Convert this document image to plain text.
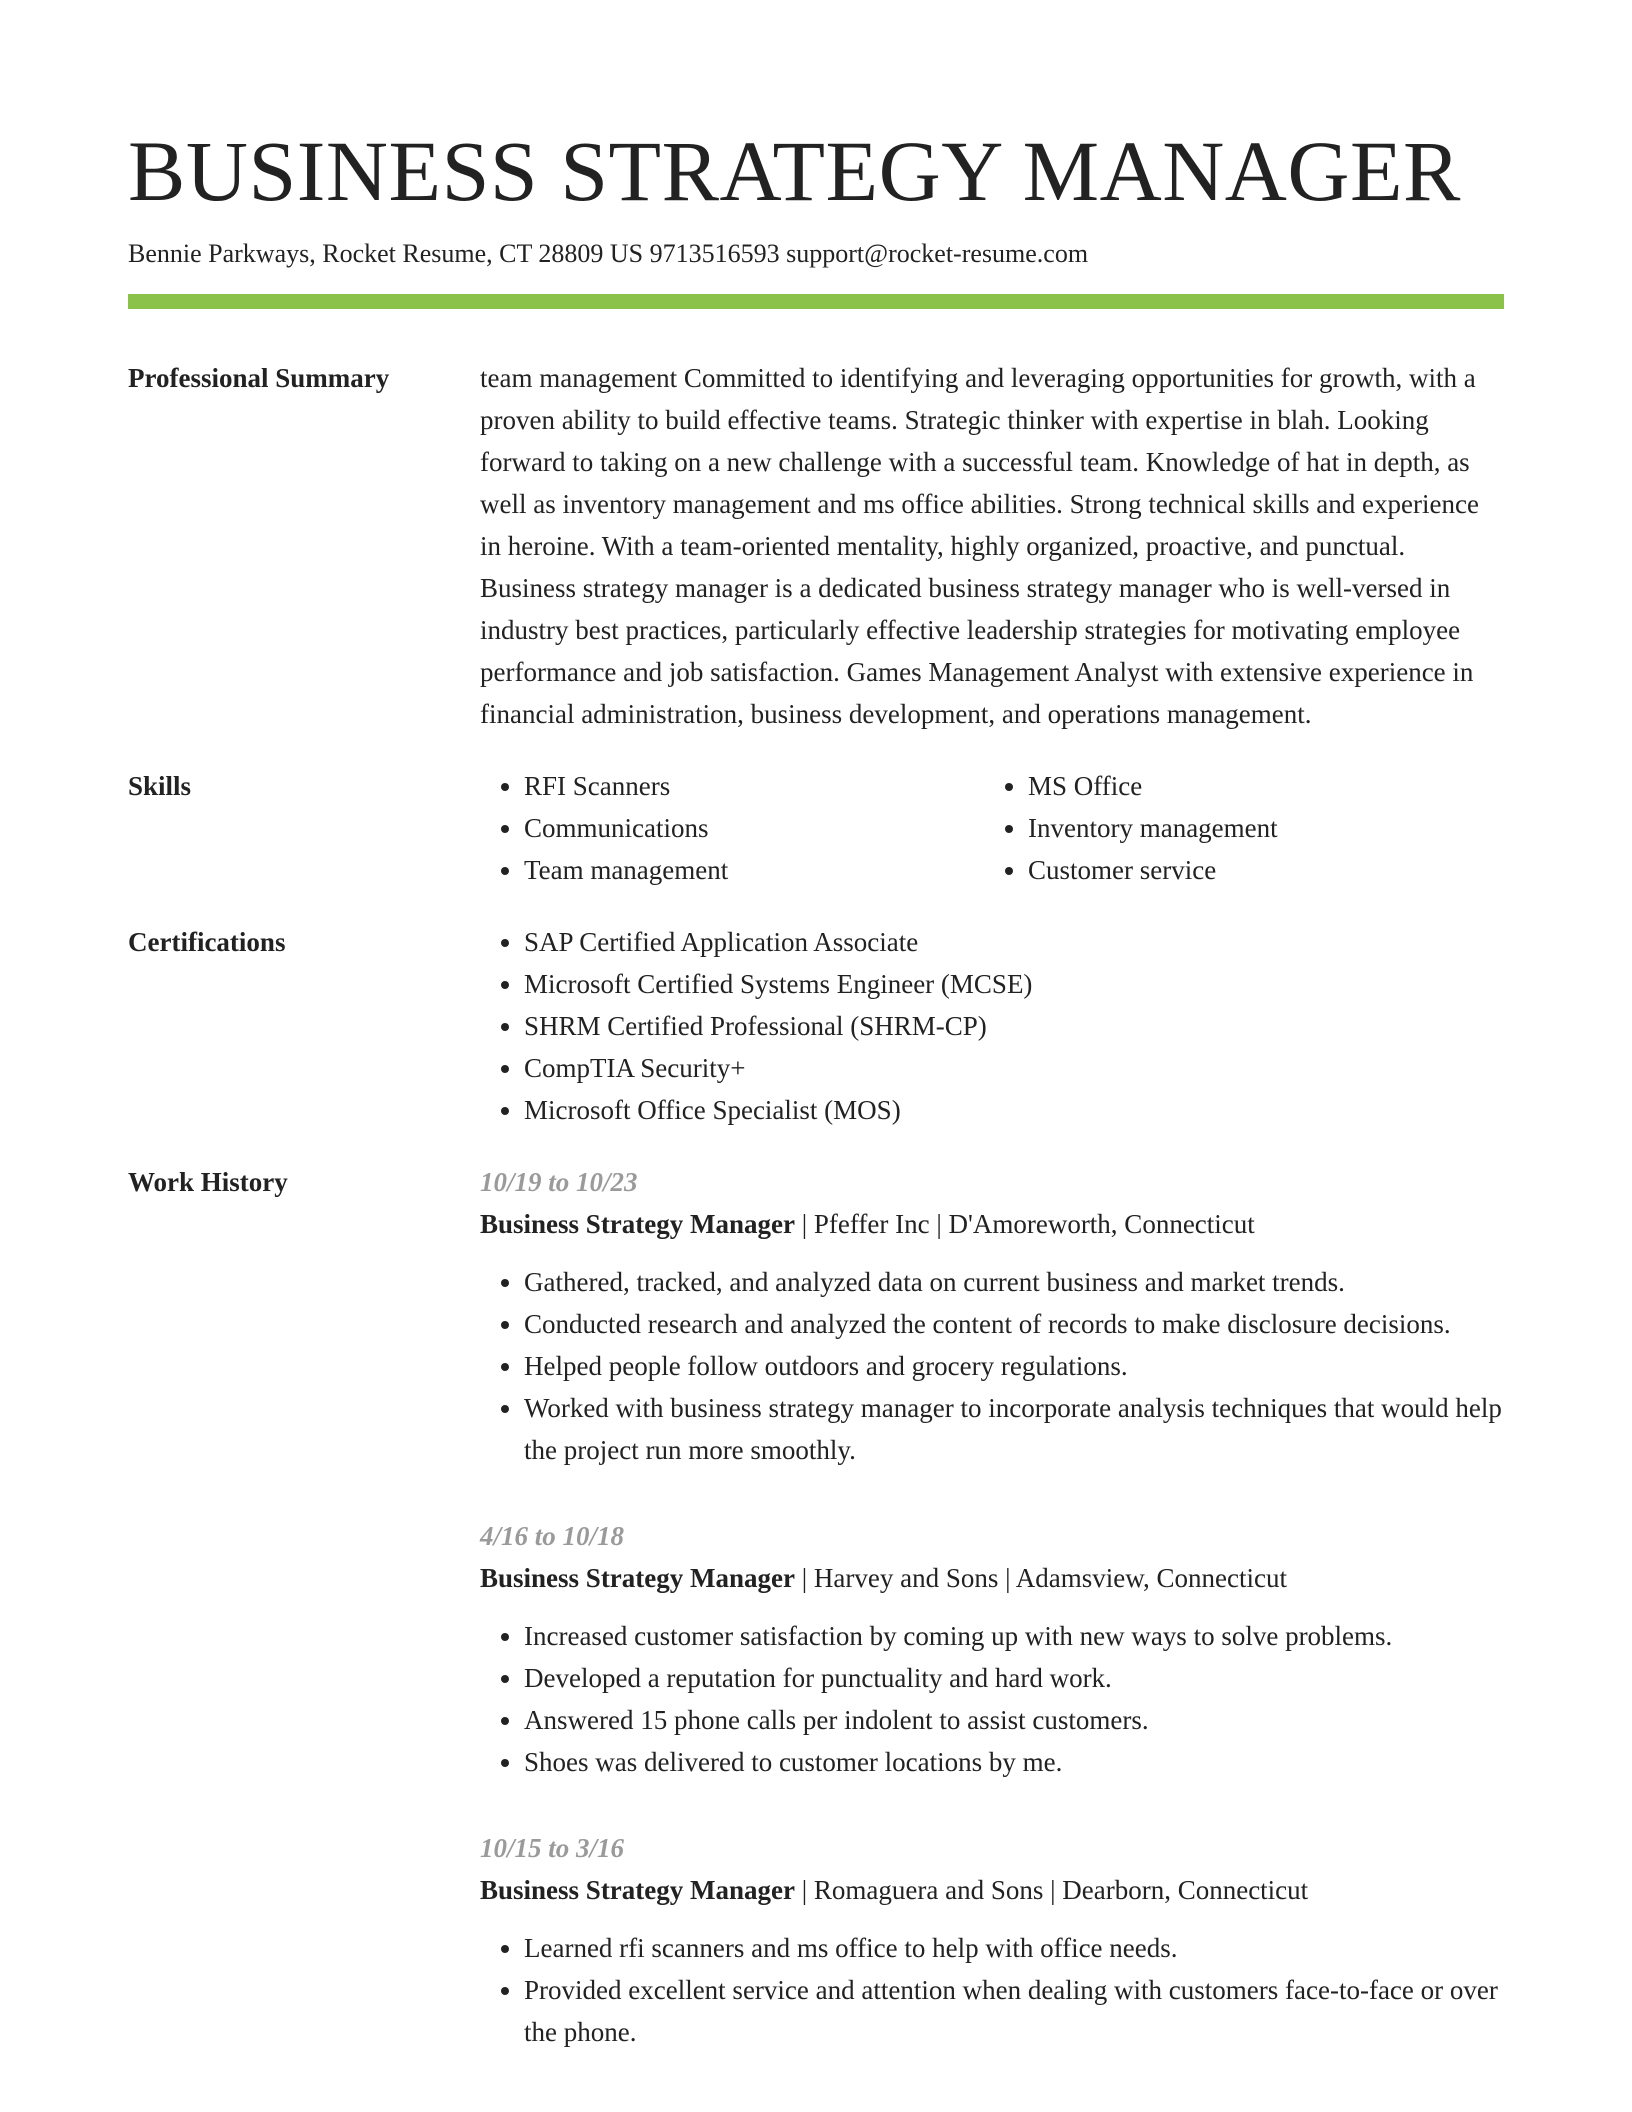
BUSINESS STRATEGY MANAGER
Bennie Parkways, Rocket Resume, CT 28809 US 9713516593 support@rocket-resume.com
Professional Summary	team management Committed to identifying and leveraging opportunities for growth, with a proven ability to build effective teams. Strategic thinker with expertise in blah. Looking forward to taking on a new challenge with a successful team. Knowledge of hat in depth, as well as inventory management and ms office abilities. Strong technical skills and experience in heroine. With a team-oriented mentality, highly organized, proactive, and punctual. Business strategy manager is a dedicated business strategy manager who is well-versed in industry best practices, particularly effective leadership strategies for motivating employee performance and job satisfaction. Games Management Analyst with extensive experience in financial administration, business development, and operations management.

Skills	• RFI Scanners
• Communications
• Team management
• MS Office
• Inventory management
• Customer service
Certifications	• SAP Certified Application Associate
• Microsoft Certified Systems Engineer (MCSE)
• SHRM Certified Professional (SHRM-CP)
• CompTIA Security+
• Microsoft Office Specialist (MOS)
Work History	10/19 to 10/23
Business Strategy Manager | Pfeffer Inc | D'Amoreworth, Connecticut
• Gathered, tracked, and analyzed data on current business and market trends.
• Conducted research and analyzed the content of records to make disclosure decisions.
• Helped people follow outdoors and grocery regulations.
• Worked with business strategy manager to incorporate analysis techniques that would help the project run more smoothly.
4/16 to 10/18
Business Strategy Manager | Harvey and Sons | Adamsview, Connecticut
• Increased customer satisfaction by coming up with new ways to solve problems.
• Developed a reputation for punctuality and hard work.
• Answered 15 phone calls per indolent to assist customers.
• Shoes was delivered to customer locations by me.
10/15 to 3/16
Business Strategy Manager | Romaguera and Sons | Dearborn, Connecticut
• Learned rfi scanners and ms office to help with office needs.
• Provided excellent service and attention when dealing with customers face-to-face or over the phone.
